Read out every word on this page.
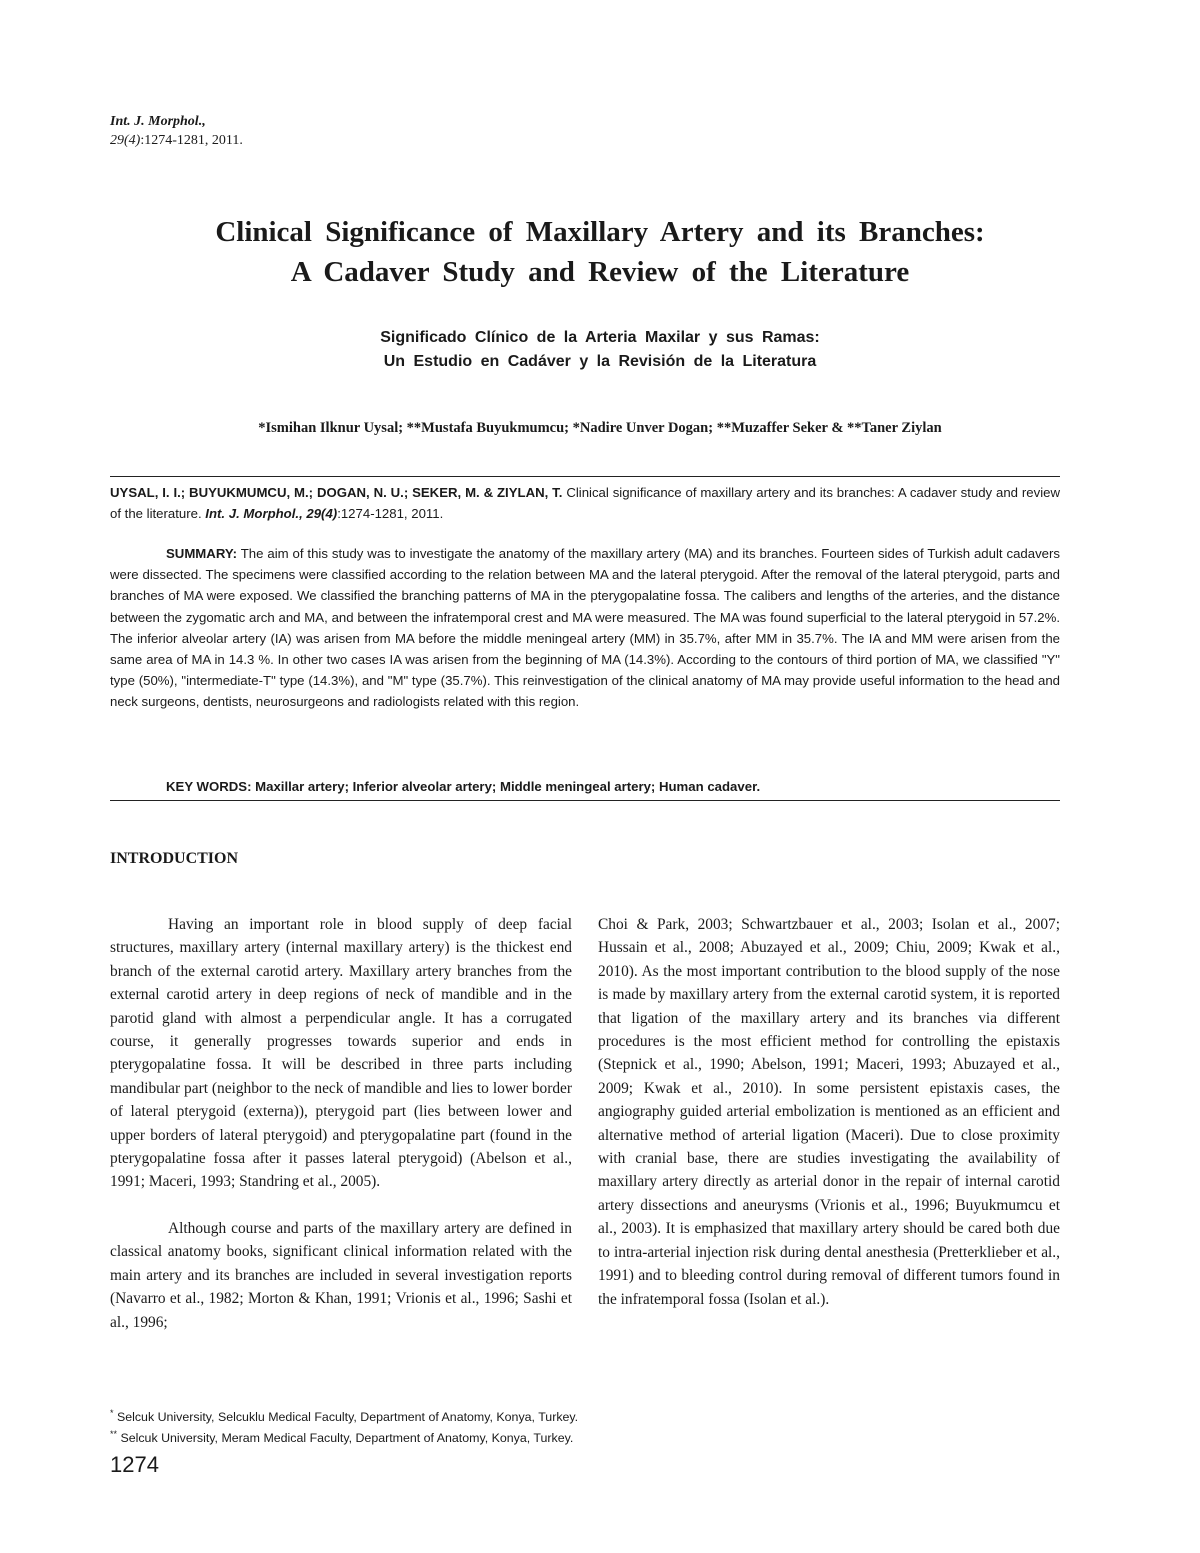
Int. J. Morphol.,
29(4):1274-1281, 2011.
Clinical Significance of Maxillary Artery and its Branches:
A Cadaver Study and Review of the Literature
Significado Clínico de la Arteria Maxilar y sus Ramas:
Un Estudio en Cadáver y la Revisión de la Literatura
*Ismihan Ilknur Uysal; **Mustafa Buyukmumcu; *Nadire Unver Dogan; **Muzaffer Seker & **Taner Ziylan
UYSAL, I. I.; BUYUKMUMCU, M.; DOGAN, N. U.; SEKER, M. & ZIYLAN, T. Clinical significance of maxillary artery and its branches: A cadaver study and review of the literature. Int. J. Morphol., 29(4):1274-1281, 2011.
SUMMARY: The aim of this study was to investigate the anatomy of the maxillary artery (MA) and its branches. Fourteen sides of Turkish adult cadavers were dissected. The specimens were classified according to the relation between MA and the lateral pterygoid. After the removal of the lateral pterygoid, parts and branches of MA were exposed. We classified the branching patterns of MA in the pterygopalatine fossa. The calibers and lengths of the arteries, and the distance between the zygomatic arch and MA, and between the infratemporal crest and MA were measured. The MA was found superficial to the lateral pterygoid in 57.2%. The inferior alveolar artery (IA) was arisen from MA before the middle meningeal artery (MM) in 35.7%, after MM in 35.7%. The IA and MM were arisen from the same area of MA in 14.3 %. In other two cases IA was arisen from the beginning of MA (14.3%). According to the contours of third portion of MA, we classified "Y" type (50%), "intermediate-T" type (14.3%), and "M" type (35.7%). This reinvestigation of the clinical anatomy of MA may provide useful information to the head and neck surgeons, dentists, neurosurgeons and radiologists related with this region.
KEY WORDS: Maxillar artery; Inferior alveolar artery; Middle meningeal artery; Human cadaver.
INTRODUCTION

Having an important role in blood supply of deep facial structures, maxillary artery (internal maxillary artery) is the thickest end branch of the external carotid artery. Maxillary artery branches from the external carotid artery in deep regions of neck of mandible and in the parotid gland with almost a perpendicular angle. It has a corrugated course, it generally progresses towards superior and ends in pterygopalatine fossa. It will be described in three parts including mandibular part (neighbor to the neck of mandible and lies to lower border of lateral pterygoid (externa)), pterygoid part (lies between lower and upper borders of lateral pterygoid) and pterygopalatine part (found in the pterygopalatine fossa after it passes lateral pterygoid) (Abelson et al., 1991; Maceri, 1993; Standring et al., 2005).

Although course and parts of the maxillary artery are defined in classical anatomy books, significant clinical information related with the main artery and its branches are included in several investigation reports (Navarro et al., 1982; Morton & Khan, 1991; Vrionis et al., 1996; Sashi et al., 1996;

Choi & Park, 2003; Schwartzbauer et al., 2003; Isolan et al., 2007; Hussain et al., 2008; Abuzayed et al., 2009; Chiu, 2009; Kwak et al., 2010). As the most important contribution to the blood supply of the nose is made by maxillary artery from the external carotid system, it is reported that ligation of the maxillary artery and its branches via different procedures is the most efficient method for controlling the epistaxis (Stepnick et al., 1990; Abelson, 1991; Maceri, 1993; Abuzayed et al., 2009; Kwak et al., 2010). In some persistent epistaxis cases, the angiography guided arterial embolization is mentioned as an efficient and alternative method of arterial ligation (Maceri). Due to close proximity with cranial base, there are studies investigating the availability of maxillary artery directly as arterial donor in the repair of internal carotid artery dissections and aneurysms (Vrionis et al., 1996; Buyukmumcu et al., 2003). It is emphasized that maxillary artery should be cared both due to intra-arterial injection risk during dental anesthesia (Pretterklieber et al., 1991) and to bleeding control during removal of different tumors found in the infratemporal fossa (Isolan et al.).

* Selcuk University, Selcuklu Medical Faculty, Department of Anatomy, Konya, Turkey.
** Selcuk University, Meram Medical Faculty, Department of Anatomy, Konya, Turkey.
1274
